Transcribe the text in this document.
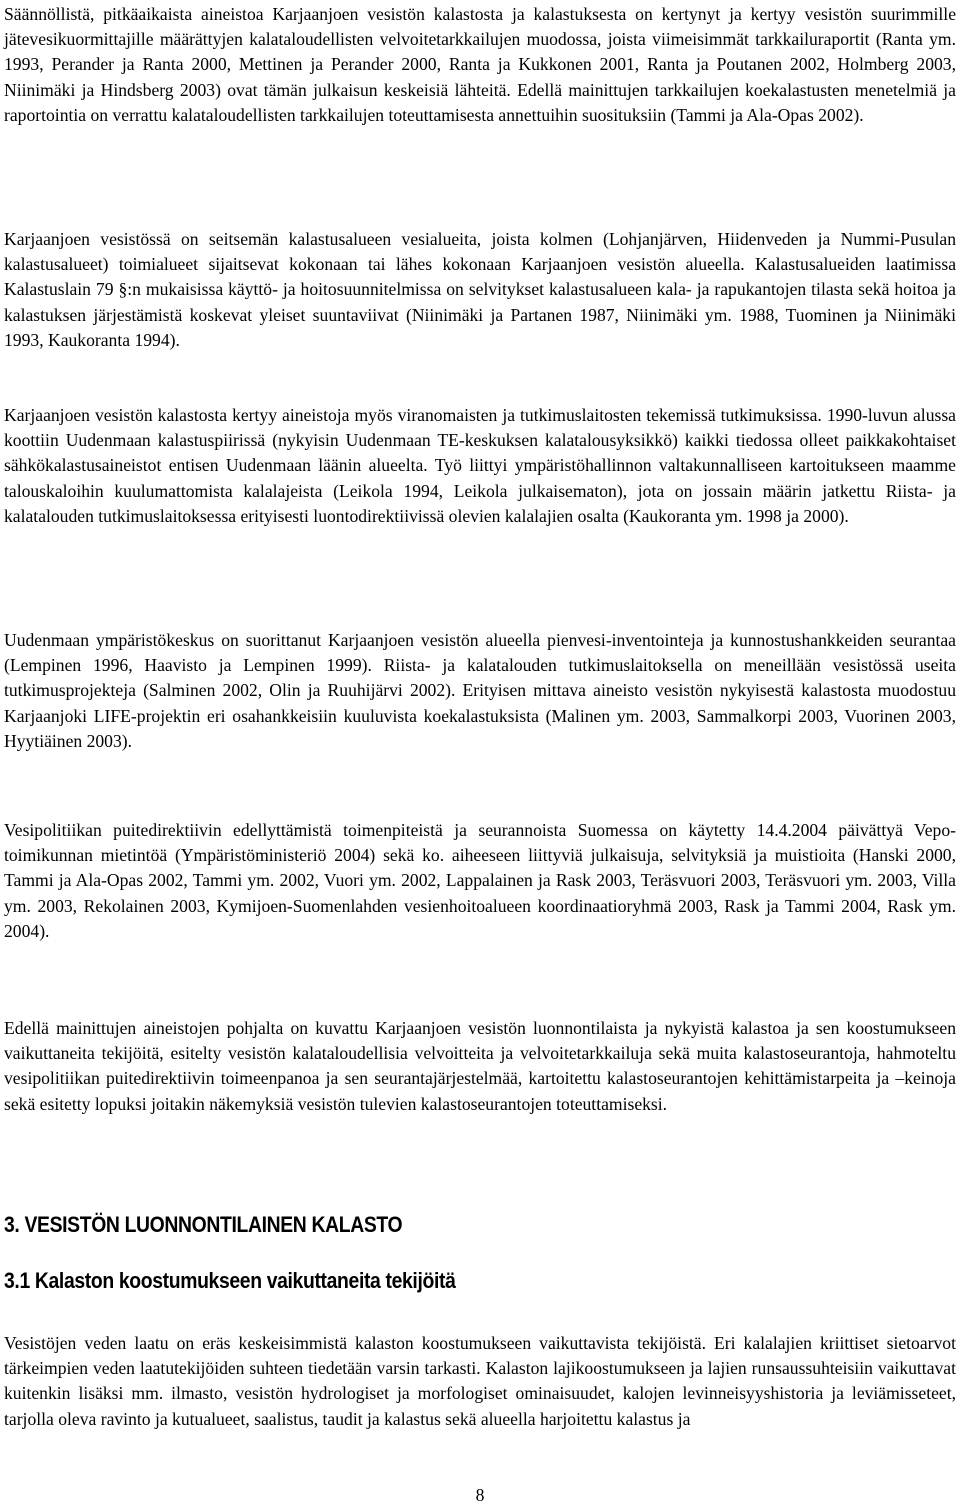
Säännöllistä, pitkäaikaista aineistoa Karjaanjoen vesistön kalastosta ja kalastuksesta on kertynyt ja kertyy vesistön suurimmille jätevesikuormittajille määrättyjen kalataloudellisten velvoitetarkkailujen muodossa, joista viimeisimmät tarkkailuraportit (Ranta ym. 1993, Perander ja Ranta 2000, Mettinen ja Perander 2000, Ranta ja Kukkonen 2001, Ranta ja Poutanen 2002, Holmberg 2003, Niinimäki ja Hindsberg 2003) ovat tämän julkaisun keskeisiä lähteitä. Edellä mainittujen tarkkailujen koekalastusten menetelmiä ja raportointia on verrattu kalataloudellisten tarkkailujen toteuttamisesta annettuihin suosituksiin (Tammi ja Ala-Opas 2002).

Karjaanjoen vesistössä on seitsemän kalastusalueen vesialueita, joista kolmen (Lohjanjärven, Hiidenveden ja Nummi-Pusulan kalastusalueet) toimialueet sijaitsevat kokonaan tai lähes kokonaan Karjaanjoen vesistön alueella. Kalastusalueiden laatimissa Kalastuslain 79 §:n mukaisissa käyttö- ja hoitosuunnitelmissa on selvitykset kalastusalueen kala- ja rapukantojen tilasta sekä hoitoa ja kalastuksen järjestämistä koskevat yleiset suuntaviivat (Niinimäki ja Partanen 1987, Niinimäki ym. 1988, Tuominen ja Niinimäki 1993, Kaukoranta 1994).

Karjaanjoen vesistön kalastosta kertyy aineistoja myös viranomaisten ja tutkimuslaitosten tekemissä tutkimuksissa. 1990-luvun alussa koottiin Uudenmaan kalastuspiirissä (nykyisin Uudenmaan TE-keskuksen kalatalousyksikkö) kaikki tiedossa olleet paikkakohtaiset sähkökalastusaineistot entisen Uudenmaan läänin alueelta. Työ liittyi ympäristöhallinnon valtakunnalliseen kartoitukseen maamme talouskaloihin kuulumattomista kalalajeista (Leikola 1994, Leikola julkaisematon), jota on jossain määrin jatkettu Riista- ja kalatalouden tutkimuslaitoksessa erityisesti luontodirektiivissä olevien kalalajien osalta (Kaukoranta ym. 1998 ja 2000).

Uudenmaan ympäristökeskus on suorittanut Karjaanjoen vesistön alueella pienvesi-inventointeja ja kunnostushankkeiden seurantaa (Lempinen 1996, Haavisto ja Lempinen 1999). Riista- ja kalatalouden tutkimuslaitoksella on meneillään vesistössä useita tutkimusprojekteja (Salminen 2002, Olin ja Ruuhijärvi 2002). Erityisen mittava aineisto vesistön nykyisestä kalastosta muodostuu Karjaanjoki LIFE-projektin eri osahankkeisiin kuuluvista koekalastuksista (Malinen ym. 2003, Sammalkorpi 2003, Vuorinen 2003, Hyytiäinen 2003).

Vesipolitiikan puitedirektiivin edellyttämistä toimenpiteistä ja seurannoista Suomessa on käytetty 14.4.2004 päivättyä Vepo-toimikunnan mietintöä (Ympäristöministeriö 2004) sekä ko. aiheeseen liittyviä julkaisuja, selvityksiä ja muistioita (Hanski 2000, Tammi ja Ala-Opas 2002, Tammi ym. 2002, Vuori ym. 2002, Lappalainen ja Rask 2003, Teräsvuori 2003, Teräsvuori ym. 2003, Villa ym. 2003, Rekolainen 2003, Kymijoen-Suomenlahden vesienhoitoalueen koordinaatioryhmä 2003, Rask ja Tammi 2004, Rask ym. 2004).

Edellä mainittujen aineistojen pohjalta on kuvattu Karjaanjoen vesistön luonnontilaista ja nykyistä kalastoa ja sen koostumukseen vaikuttaneita tekijöitä, esitelty vesistön kalataloudellisia velvoitteita ja velvoitetarkkailuja sekä muita kalastoseurantoja, hahmoteltu vesipolitiikan puitedirektiivin toimeenpanoa ja sen seurantajärjestelmää, kartoitettu kalastoseurantojen kehittämistarpeita ja –keinoja sekä esitetty lopuksi joitakin näkemyksiä vesistön tulevien kalastoseurantojen toteuttamiseksi.

3. VESISTÖN LUONNONTILAINEN KALASTO
3.1 Kalaston koostumukseen vaikuttaneita tekijöitä

Vesistöjen veden laatu on eräs keskeisimmistä kalaston koostumukseen vaikuttavista tekijöistä. Eri kalalajien kriittiset sietoarvot tärkeimpien veden laatutekijöiden suhteen tiedetään varsin tarkasti. Kalaston lajikoostumukseen ja lajien runsaussuhteisiin vaikuttavat kuitenkin lisäksi mm. ilmasto, vesistön hydrologiset ja morfologiset ominaisuudet, kalojen levinneisyyshistoria ja leviämisseteet, tarjolla oleva ravinto ja kutualueet, saalistus, taudit ja kalastus sekä alueella harjoitettu kalastus ja

8
